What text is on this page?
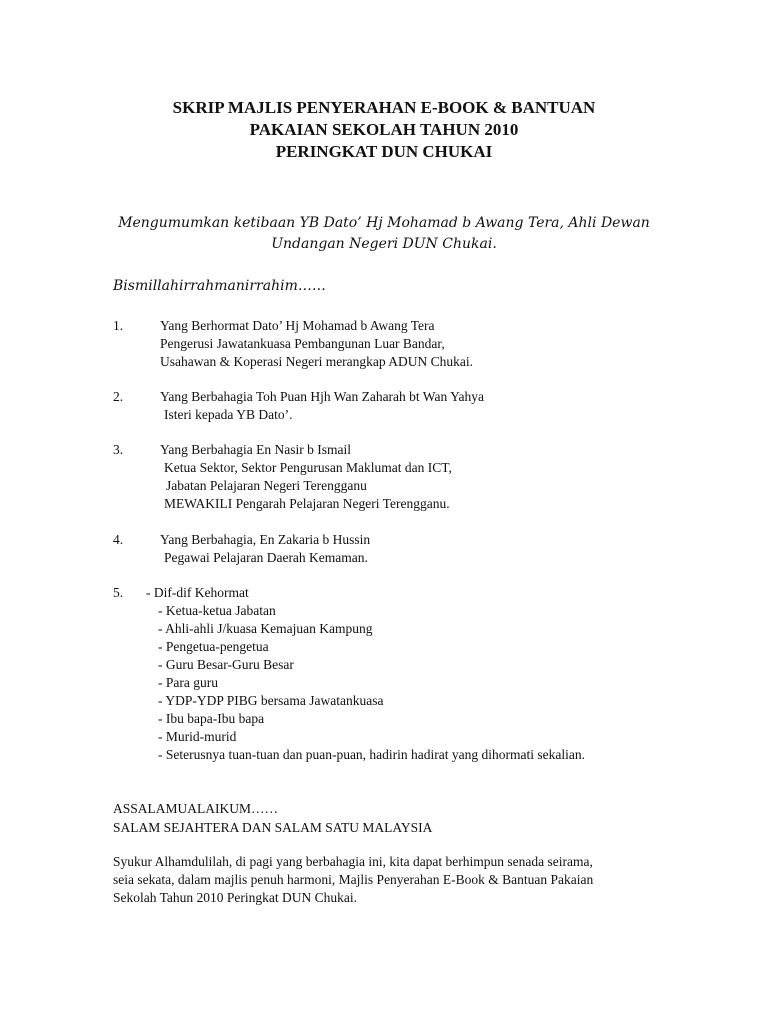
SKRIP MAJLIS PENYERAHAN E-BOOK & BANTUAN
PAKAIAN SEKOLAH TAHUN 2010
PERINGKAT DUN CHUKAI
Mengumumkan ketibaan YB Dato’ Hj Mohamad b Awang Tera, Ahli Dewan
Undangan Negeri DUN Chukai.
Bismillahirrahmanirrahim……
1.	Yang Berhormat Dato’ Hj Mohamad b Awang Tera
Pengerusi Jawatankuasa Pembangunan Luar Bandar,
Usahawan & Koperasi Negeri merangkap ADUN Chukai.
2.	Yang Berbahagia Toh Puan Hjh Wan Zaharah bt Wan Yahya
Isteri kepada YB Dato’.
3.	Yang Berbahagia En Nasir b Ismail
Ketua Sektor, Sektor Pengurusan Maklumat dan ICT,
Jabatan Pelajaran Negeri Terengganu
MEWAKILI Pengarah Pelajaran Negeri Terengganu.
4.	Yang Berbahagia, En Zakaria b Hussin
Pegawai Pelajaran Daerah Kemaman.
5. - Dif-dif Kehormat
- Ketua-ketua Jabatan
- Ahli-ahli J/kuasa Kemajuan Kampung
- Pengetua-pengetua
- Guru Besar-Guru Besar
- Para guru
- YDP-YDP PIBG bersama Jawatankuasa
- Ibu bapa-Ibu bapa
- Murid-murid
- Seterusnya tuan-tuan dan puan-puan, hadirin hadirat yang dihormati sekalian.
ASSALAMUALAIKUM……
SALAM SEJAHTERA DAN SALAM SATU MALAYSIA
Syukur Alhamdulilah, di pagi yang berbahagia ini, kita dapat berhimpun senada seirama,
seia sekata, dalam majlis penuh harmoni, Majlis Penyerahan E-Book & Bantuan Pakaian
Sekolah Tahun 2010 Peringkat DUN Chukai.
